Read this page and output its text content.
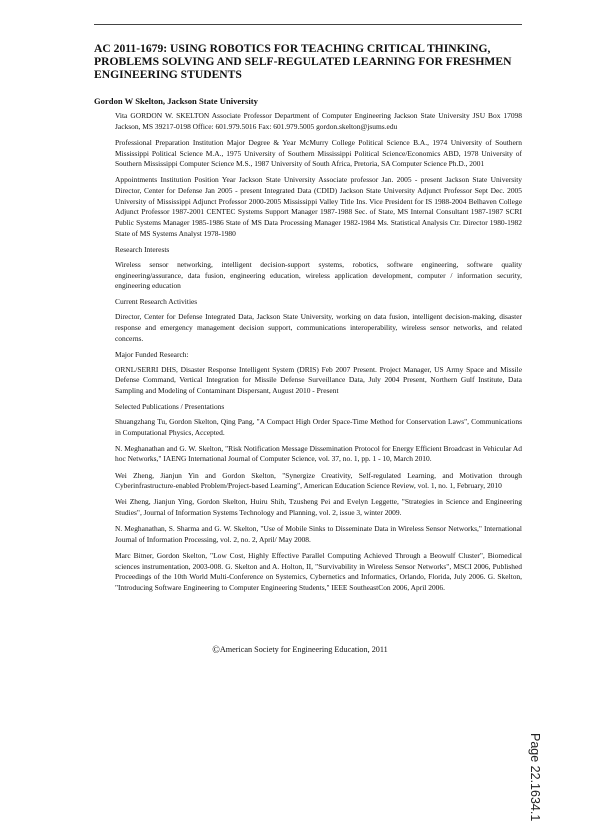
AC 2011-1679: USING ROBOTICS FOR TEACHING CRITICAL THINKING, PROBLEMS SOLVING AND SELF-REGULATED LEARNING FOR FRESHMEN ENGINEERING STUDENTS
Gordon W Skelton, Jackson State University

Vita GORDON W. SKELTON Associate Professor Department of Computer Engineering Jackson State University JSU Box 17098 Jackson, MS 39217-0198 Office: 601.979.5016 Fax: 601.979.5005 gordon.skelton@jsums.edu

Professional Preparation Institution Major Degree & Year McMurry College Political Science B.A., 1974 University of Southern Mississippi Political Science M.A., 1975 University of Southern Mississippi Political Science/Economics ABD, 1978 University of Southern Mississippi Computer Science M.S., 1987 University of South Africa, Pretoria, SA Computer Science Ph.D., 2001

Appointments Institution Position Year Jackson State University Associate professor Jan. 2005 - present Jackson State University Director, Center for Defense Jan 2005 - present Integrated Data (CDID) Jackson State University Adjunct Professor Sept Dec. 2005 University of Mississippi Adjunct Professor 2000-2005 Mississippi Valley Title Ins. Vice President for IS 1988-2004 Belhaven College Adjunct Professor 1987-2001 CENTEC Systems Support Manager 1987-1988 Sec. of State, MS Internal Consultant 1987-1987 SCRI Public Systems Manager 1985-1986 State of MS Data Processing Manager 1982-1984 Ms. Statistical Analysis Ctr. Director 1980-1982 State of MS Systems Analyst 1978-1980

Research Interests

Wireless sensor networking, intelligent decision-support systems, robotics, software engineering, software quality engineering/assurance, data fusion, engineering education, wireless application development, computer / information security, engineering education

Current Research Activities

Director, Center for Defense Integrated Data, Jackson State University, working on data fusion, intelligent decision-making, disaster response and emergency management decision support, communications interoperability, wireless sensor networks, and related concerns.

Major Funded Research:

ORNL/SERRI DHS, Disaster Response Intelligent System (DRIS) Feb 2007 Present. Project Manager, US Army Space and Missile Defense Command, Vertical Integration for Missile Defense Surveillance Data, July 2004 Present, Northern Gulf Institute, Data Sampling and Modeling of Contaminant Dispersant, August 2010 - Present

Selected Publications / Presentations

Shuangzhang Tu, Gordon Skelton, Qing Pang, "A Compact High Order Space-Time Method for Conservation Laws", Communications in Computational Physics, Accepted.

N. Meghanathan and G. W. Skelton, "Risk Notification Message Dissemination Protocol for Energy Efficient Broadcast in Vehicular Ad hoc Networks," IAENG International Journal of Computer Science, vol. 37, no. 1, pp. 1 - 10, March 2010.

Wei Zheng, Jianjun Yin and Gordon Skelton, "Synergize Creativity, Self-regulated Learning, and Motivation through Cyberinfrastructure-enabled Problem/Project-based Learning", American Education Science Review, vol. 1, no. 1, February, 2010

Wei Zheng, Jianjun Ying, Gordon Skelton, Huiru Shih, Tzusheng Pei and Evelyn Leggette, "Strategies in Science and Engineering Studies", Journal of Information Systems Technology and Planning, vol. 2, issue 3, winter 2009.

N. Meghanathan, S. Sharma and G. W. Skelton, "Use of Mobile Sinks to Disseminate Data in Wireless Sensor Networks," International Journal of Information Processing, vol. 2, no. 2, April/ May 2008.

Marc Bitner, Gordon Skelton, "Low Cost, Highly Effective Parallel Computing Achieved Through a Beowulf Cluster", Biomedical sciences instrumentation, 2003-008. G. Skelton and A. Holton, II, "Survivability in Wireless Sensor Networks", MSCI 2006, Published Proceedings of the 10th World Multi-Conference on Systemics, Cybernetics and Informatics, Orlando, Florida, July 2006. G. Skelton, "Introducing Software Engineering to Computer Engineering Students," IEEE SoutheastCon 2006, April 2006.

©American Society for Engineering Education, 2011
Page 22.1634.1
